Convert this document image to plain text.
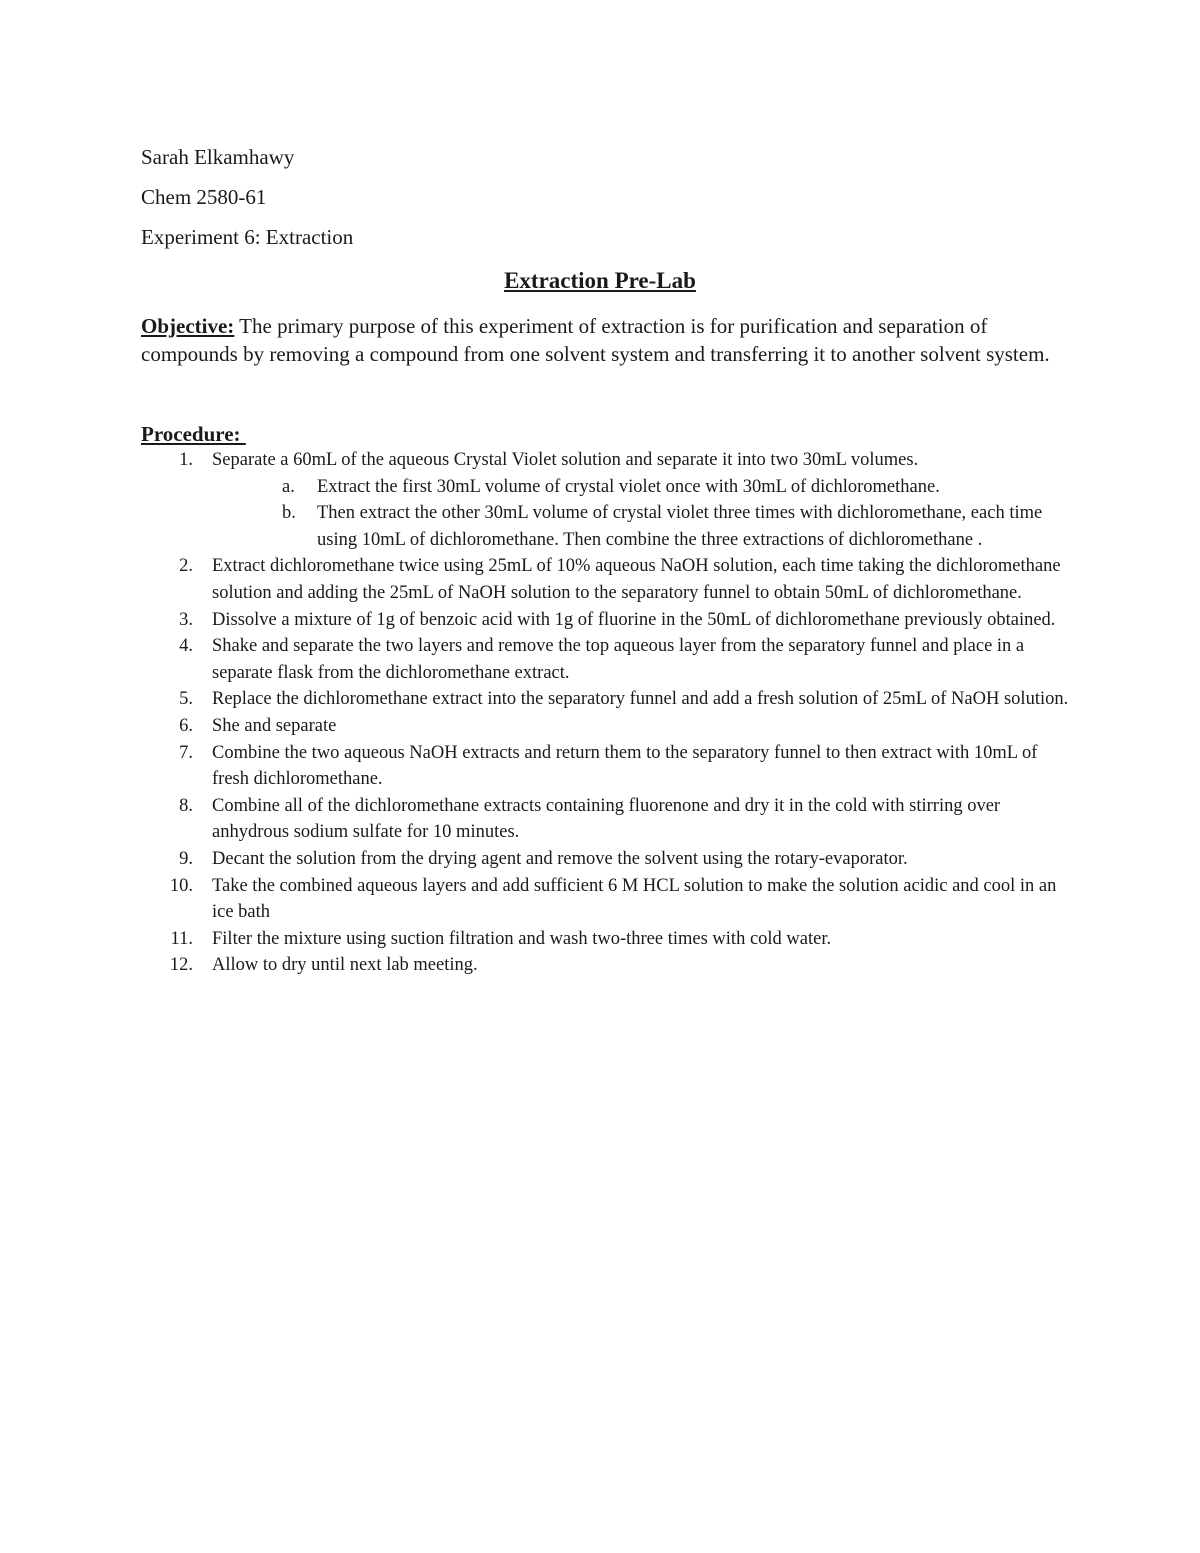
Sarah Elkamhawy
Chem 2580-61
Experiment 6: Extraction
Extraction Pre-Lab
Objective: The primary purpose of this experiment of extraction is for purification and separation of compounds by removing a compound from one solvent system and transferring it to another solvent system.
Procedure:
1. Separate a 60mL of the aqueous Crystal Violet solution and separate it into two 30mL volumes.
a.	Extract the first 30mL volume of crystal violet once with 30mL of dichloromethane.
b.	Then extract the other 30mL volume of crystal violet three times with dichloromethane, each time using 10mL of dichloromethane. Then combine the three extractions of dichloromethane .
2. Extract dichloromethane twice using 25mL of 10% aqueous NaOH solution, each time taking the dichloromethane solution and adding the 25mL of NaOH solution to the separatory funnel to obtain 50mL of dichloromethane.
3. Dissolve a mixture of 1g of benzoic acid with 1g of fluorine in the 50mL of dichloromethane previously obtained.
4. Shake and separate the two layers and remove the top aqueous layer from the separatory funnel and place in a separate flask from the dichloromethane extract.
5. Replace the dichloromethane extract into the separatory funnel and add a fresh solution of 25mL of NaOH solution.
6. She and separate
7. Combine the two aqueous NaOH extracts and return them to the separatory funnel to then extract with 10mL of fresh dichloromethane.
8. Combine all of the dichloromethane extracts containing fluorenone and dry it in the cold with stirring over anhydrous sodium sulfate for 10 minutes.
9. Decant the solution from the drying agent and remove the solvent using the rotary-evaporator.
10. Take the combined aqueous layers and add sufficient 6 M HCL solution to make the solution acidic and cool in an ice bath
11. Filter the mixture using suction filtration and wash two-three times with cold water.
12. Allow to dry until next lab meeting.
